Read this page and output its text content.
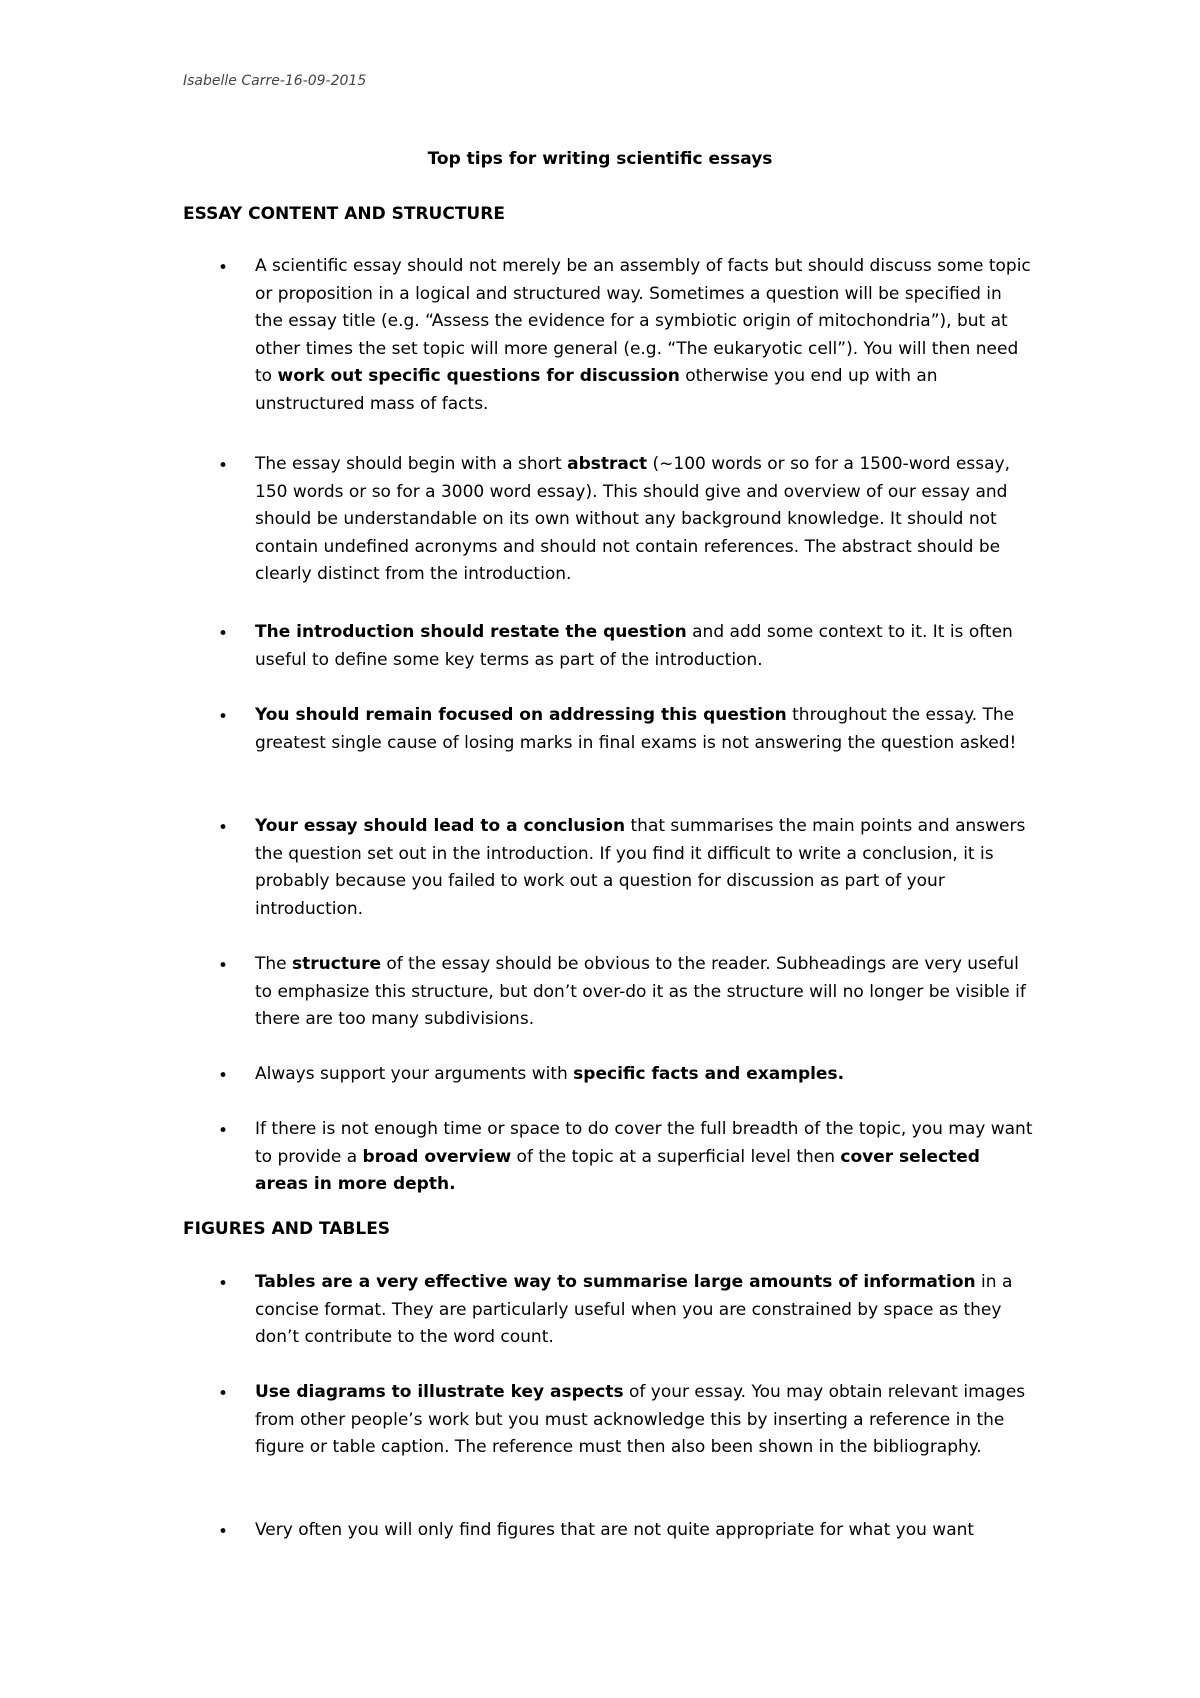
Isabelle Carre-16-09-2015
Top tips for writing scientific essays
ESSAY CONTENT AND STRUCTURE
• A scientific essay should not merely be an assembly of facts but should discuss some topic or proposition in a logical and structured way. Sometimes a question will be specified in the essay title (e.g. “Assess the evidence for a symbiotic origin of mitochondria”), but at other times the set topic will more general (e.g. “The eukaryotic cell”). You will then need to work out specific questions for discussion otherwise you end up with an unstructured mass of facts.
• The essay should begin with a short abstract (~100 words or so for a 1500-word essay, 150 words or so for a 3000 word essay). This should give and overview of our essay and should be understandable on its own without any background knowledge. It should not contain undefined acronyms and should not contain references. The abstract should be clearly distinct from the introduction.
• The introduction should restate the question and add some context to it. It is often useful to define some key terms as part of the introduction.
• You should remain focused on addressing this question throughout the essay. The greatest single cause of losing marks in final exams is not answering the question asked!
• Your essay should lead to a conclusion that summarises the main points and answers the question set out in the introduction. If you find it difficult to write a conclusion, it is probably because you failed to work out a question for discussion as part of your introduction.
• The structure of the essay should be obvious to the reader. Subheadings are very useful to emphasize this structure, but don’t over-do it as the structure will no longer be visible if there are too many subdivisions.
• Always support your arguments with specific facts and examples.
• If there is not enough time or space to do cover the full breadth of the topic, you may want to provide a broad overview of the topic at a superficial level then cover selected areas in more depth.
FIGURES AND TABLES
• Tables are a very effective way to summarise large amounts of information in a concise format. They are particularly useful when you are constrained by space as they don’t contribute to the word count.
• Use diagrams to illustrate key aspects of your essay. You may obtain relevant images from other people’s work but you must acknowledge this by inserting a reference in the figure or table caption. The reference must then also been shown in the bibliography.
• Very often you will only find figures that are not quite appropriate for what you want
